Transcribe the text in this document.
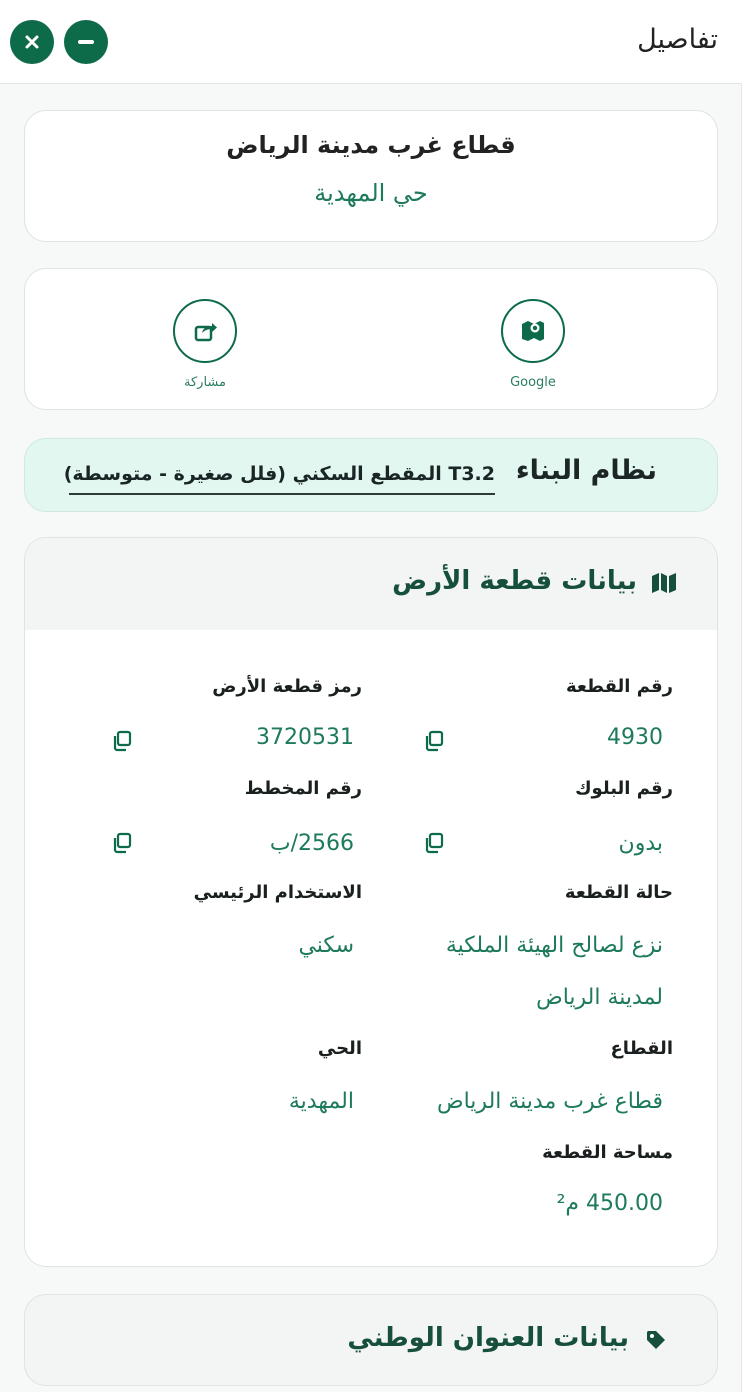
تفاصيل
قطاع غرب مدينة الرياض
حي المهدية
Google
مشاركة
نظام البناء
T3.2 المقطع السكني (فلل صغيرة - متوسطة)
بيانات قطعة الأرض
رقم القطعة
4930
رقم البلوك
بدون
حالة القطعة
نزع لصالح الهيئة الملكية
لمدينة الرياض
القطاع
قطاع غرب مدينة الرياض
مساحة القطعة
450.00 م²
رمز قطعة الأرض
3720531
رقم المخطط
2566/ب
الاستخدام الرئيسي
سكني
الحي
المهدية
بيانات العنوان الوطني
